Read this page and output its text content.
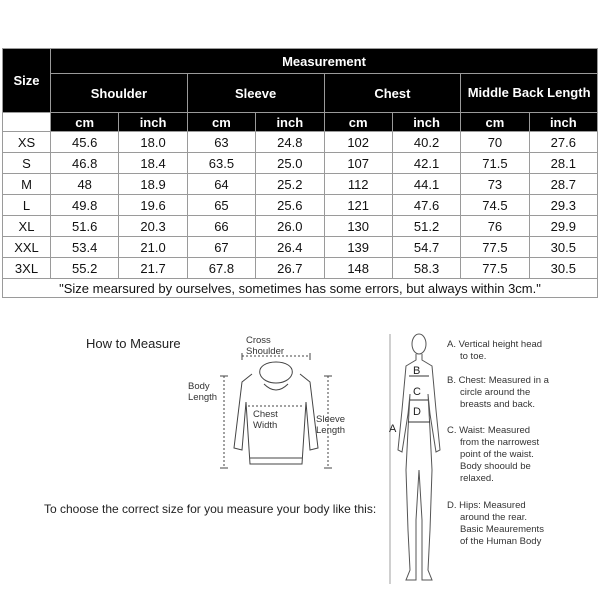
Size	Measurement							
	Shoulder		Sleeve		Chest		Middle Back Length	
	cm	inch	cm	inch	cm	inch	cm	inch
XS	45.6	18.0	63	24.8	102	40.2	70	27.6
S	46.8	18.4	63.5	25.0	107	42.1	71.5	28.1
M	48	18.9	64	25.2	112	44.1	73	28.7
L	49.8	19.6	65	25.6	121	47.6	74.5	29.3
XL	51.6	20.3	66	26.0	130	51.2	76	29.9
XXL	53.4	21.0	67	26.4	139	54.7	77.5	30.5
3XL	55.2	21.7	67.8	26.7	148	58.3	77.5	30.5
"Size mearsured by ourselves, sometimes has some errors, but always within 3cm."								
How to Measure	Cross
Shoulder
Body
Length
Chest
Width
Sleeve
Length
To choose the correct size for you measure your body like this:
A
B
C
D
A. Vertical height head
to toe.
B. Chest: Measured in a
circle around the
breasts and back.
C. Waist: Measured
from the narrowest
point of the waist.
Body shoould be
relaxed.
D. Hips: Measured
around the rear.
Basic Meaurements
of the Human Body
